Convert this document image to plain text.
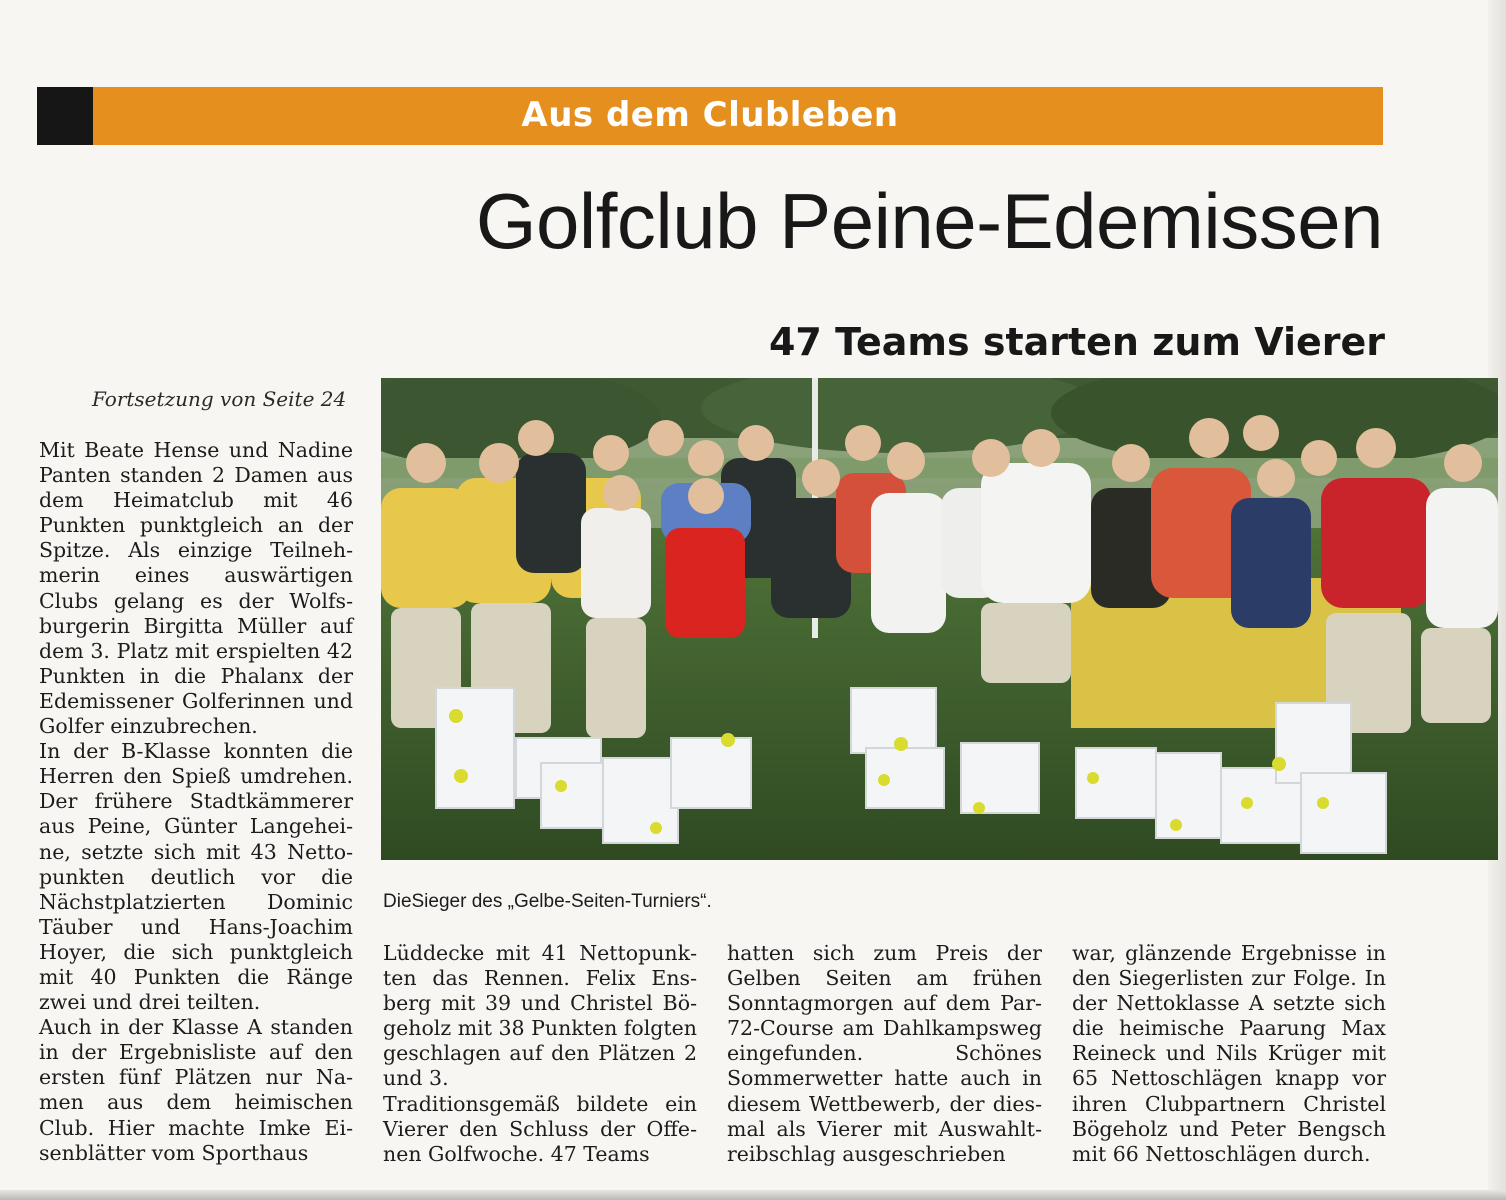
Aus dem Clubleben
Golfclub Peine-Edemissen
47 Teams starten zum Vierer
Fortsetzung von Seite 24

Mit Beate Hense und Nadine Panten standen 2 Damen aus dem Heimatclub mit 46 Punkten punktgleich an der Spitze. Als einzige Teilnehmerin eines auswärtigen Clubs gelang es der Wolfsburgerin Birgitta Müller auf dem 3. Platz mit erspielten 42 Punkten in die Phalanx der Edemissener Golferinnen und Golfer einzubrechen.

In der B-Klasse konnten die Herren den Spieß umdrehen. Der frühere Stadtkämmerer aus Peine, Günter Langeheine, setzte sich mit 43 Nettopunkten deutlich vor die Nächstplatzierten Dominic Täuber und Hans-Joachim Hoyer, die sich punktgleich mit 40 Punkten die Ränge zwei und drei teilten.

Auch in der Klasse A standen in der Ergebnisliste auf den ersten fünf Plätzen nur Namen aus dem heimischen Club. Hier machte Imke Eisenblätter vom Sporthaus

DieSieger des „Gelbe-Seiten-Turniers“.

Lüddecke mit 41 Nettopunkten das Rennen. Felix Ensberg mit 39 und Christel Bögeholz mit 38 Punkten folgten geschlagen auf den Plätzen 2 und 3.

Traditionsgemäß bildete ein Vierer den Schluss der Offenen Golfwoche. 47 Teams

hatten sich zum Preis der Gelben Seiten am frühen Sonntagmorgen auf dem Par-72-Course am Dahlkampsweg eingefunden. Schönes Sommerwetter hatte auch in diesem Wettbewerb, der diesmal als Vierer mit Auswahltreibschlag ausgeschrieben

war, glänzende Ergebnisse in den Siegerlisten zur Folge. In der Nettoklasse A setzte sich die heimische Paarung Max Reineck und Nils Krüger mit 65 Nettoschlägen knapp vor ihren Clubpartnern Christel Bögeholz und Peter Bengsch mit 66 Nettoschlägen durch.
